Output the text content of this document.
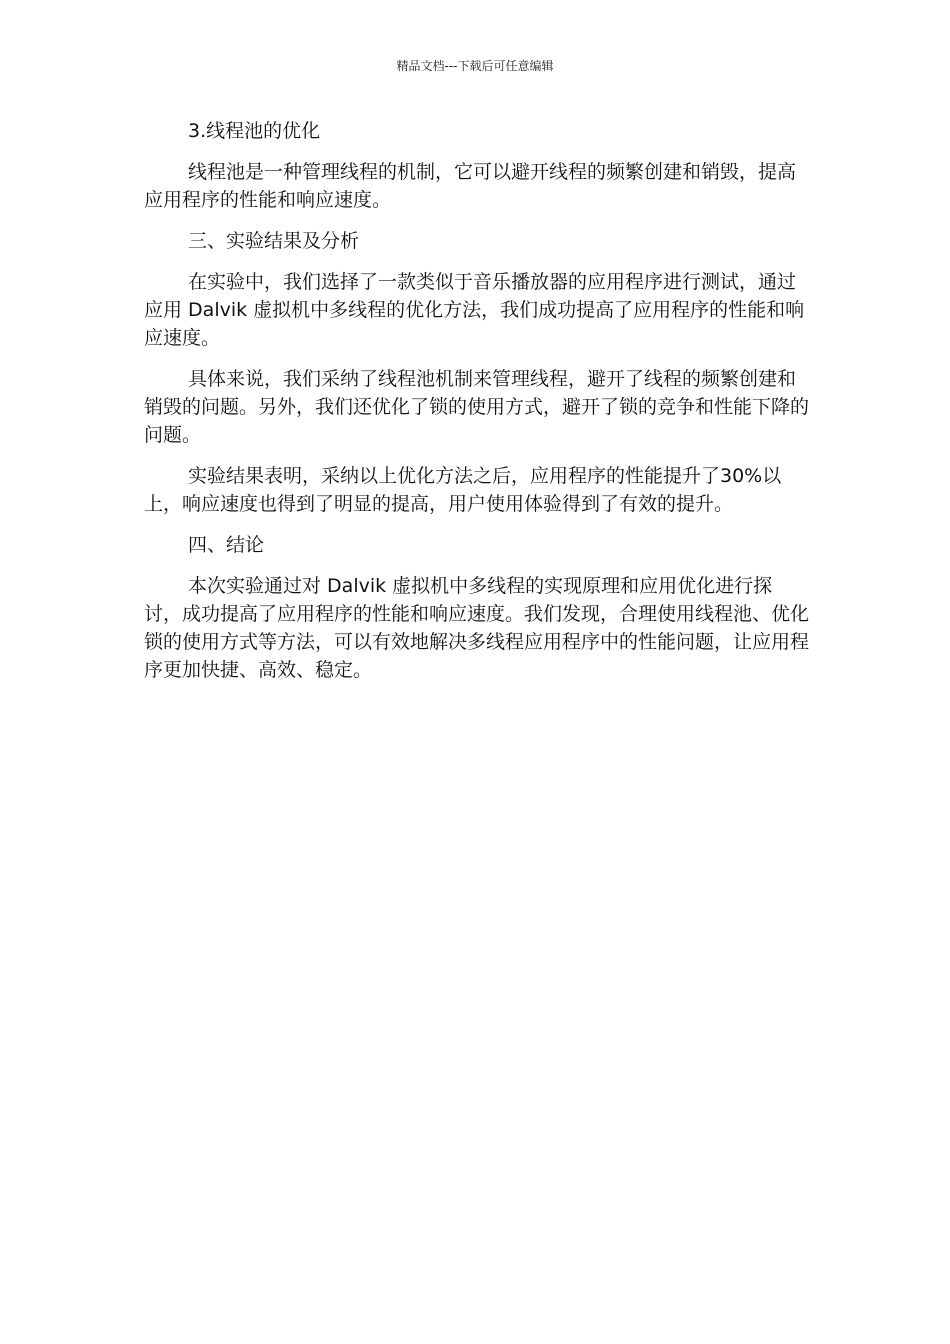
精品文档---下载后可任意编辑
3.线程池的优化

线程池是一种管理线程的机制，它可以避开线程的频繁创建和销毁，提高应用程序的性能和响应速度。

三、实验结果及分析

在实验中，我们选择了一款类似于音乐播放器的应用程序进行测试，通过应用 Dalvik 虚拟机中多线程的优化方法，我们成功提高了应用程序的性能和响应速度。

具体来说，我们采纳了线程池机制来管理线程，避开了线程的频繁创建和销毁的问题。另外，我们还优化了锁的使用方式，避开了锁的竞争和性能下降的问题。

实验结果表明，采纳以上优化方法之后，应用程序的性能提升了30%以上，响应速度也得到了明显的提高，用户使用体验得到了有效的提升。

四、结论

本次实验通过对 Dalvik 虚拟机中多线程的实现原理和应用优化进行探讨，成功提高了应用程序的性能和响应速度。我们发现，合理使用线程池、优化锁的使用方式等方法，可以有效地解决多线程应用程序中的性能问题，让应用程序更加快捷、高效、稳定。
